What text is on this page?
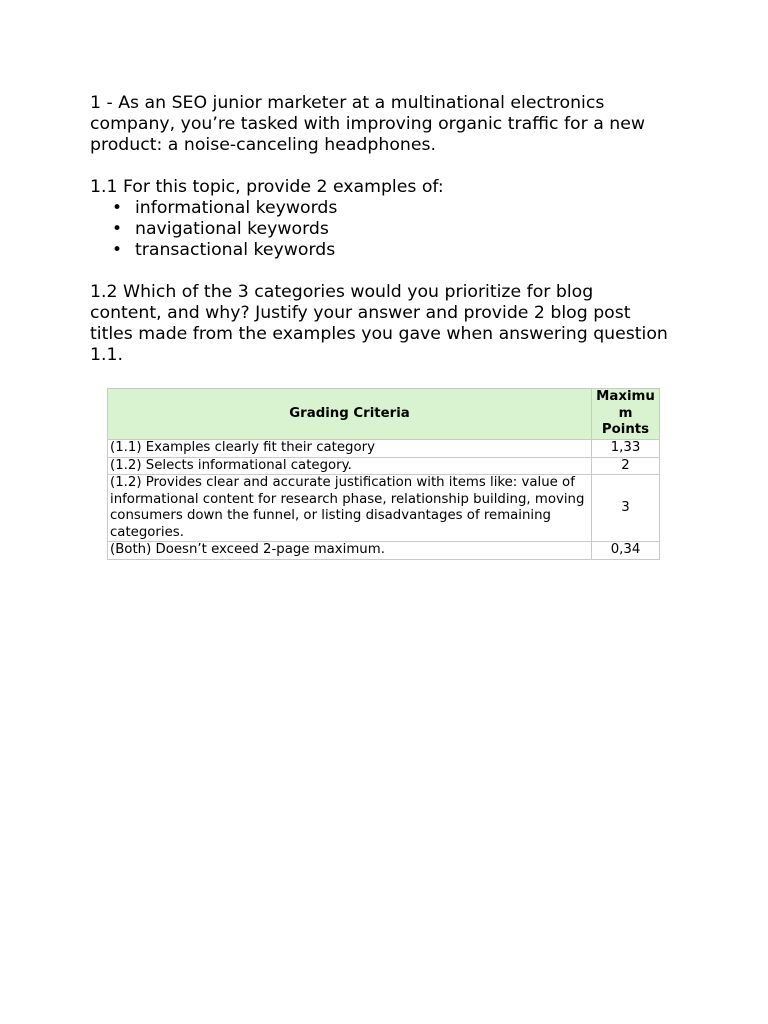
1 - As an SEO junior marketer at a multinational electronics company, you’re tasked with improving organic traffic for a new product: a noise-canceling headphones.

1.1 For this topic, provide 2 examples of:

• informational keywords
• navigational keywords
• transactional keywords

1.2 Which of the 3 categories would you prioritize for blog content, and why? Justify your answer and provide 2 blog post titles made from the examples you gave when answering question 1.1.

Grading Criteria	Maximu
m
Points
(1.1) Examples clearly fit their category	1,33
(1.2) Selects informational category.	2
(1.2) Provides clear and accurate justification with items like: value of informational content for research phase, relationship building, moving consumers down the funnel, or listing disadvantages of remaining categories.	3
(Both) Doesn’t exceed 2-page maximum.	0,34
